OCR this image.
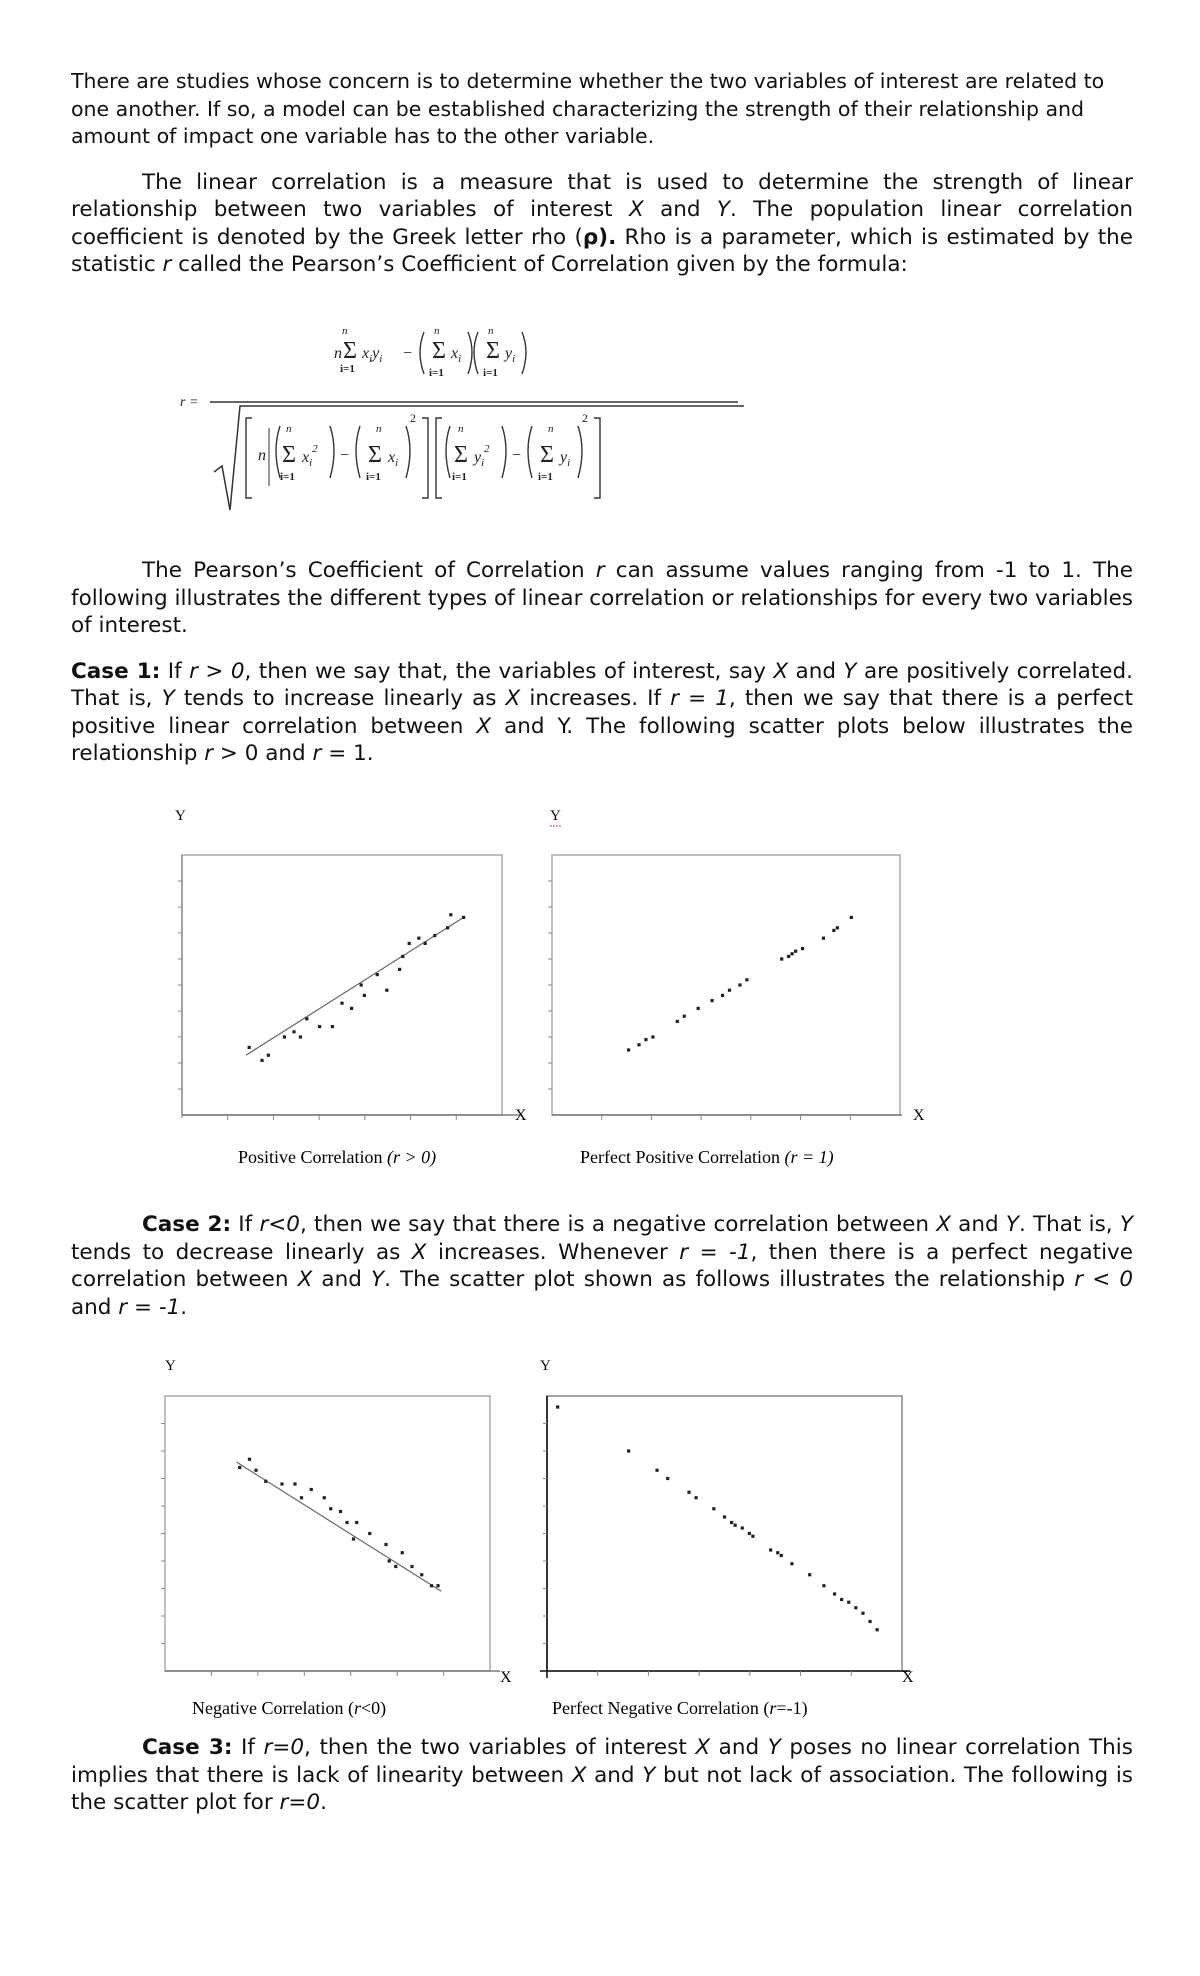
There are studies whose concern is to determine whether the two variables of interest are related to one another. If so, a model can be established characterizing the strength of their relationship and amount of impact one variable has to the other variable.

The linear correlation is a measure that is used to determine the strength of linear relationship between two variables of interest X and Y. The population linear correlation coefficient is denoted by the Greek letter rho (ρ). Rho is a parameter, which is estimated by the statistic r called the Pearson’s Coefficient of Correlation given by the formula:

n
i=1
n Σ $x_iy_i$ −
n
Σ $x_i$
i=1
n
Σ $y_i$
i=1
r =
n
n
Σ $x_i^2$
i=1
−
n
Σ $x_i$
i=1
2
n
Σ $y_i^2$
i=1
−
n
Σ $y_i$
i=1
2

The Pearson’s Coefficient of Correlation r can assume values ranging from -1 to 1. The following illustrates the different types of linear correlation or relationships for every two variables of interest.

Case 1: If r > 0, then we say that, the variables of interest, say X and Y are positively correlated. That is, Y tends to increase linearly as X increases. If r = 1, then we say that there is a perfect positive linear correlation between X and Y. The following scatter plots below illustrates the relationship r > 0 and r = 1.

Y
X
Positive Correlation (r > 0)
Y
X
Perfect Positive Correlation (r = 1)

Case 2: If r<0, then we say that there is a negative correlation between X and Y. That is, Y tends to decrease linearly as X increases. Whenever r = -1, then there is a perfect negative correlation between X and Y. The scatter plot shown as follows illustrates the relationship r < 0 and r = -1.

Y
X
Negative Correlation (r<0)
Y
X
Perfect Negative Correlation (r=-1)

Case 3: If r=0, then the two variables of interest X and Y poses no linear correlation This implies that there is lack of linearity between X and Y but not lack of association. The following is the scatter plot for r=0.
